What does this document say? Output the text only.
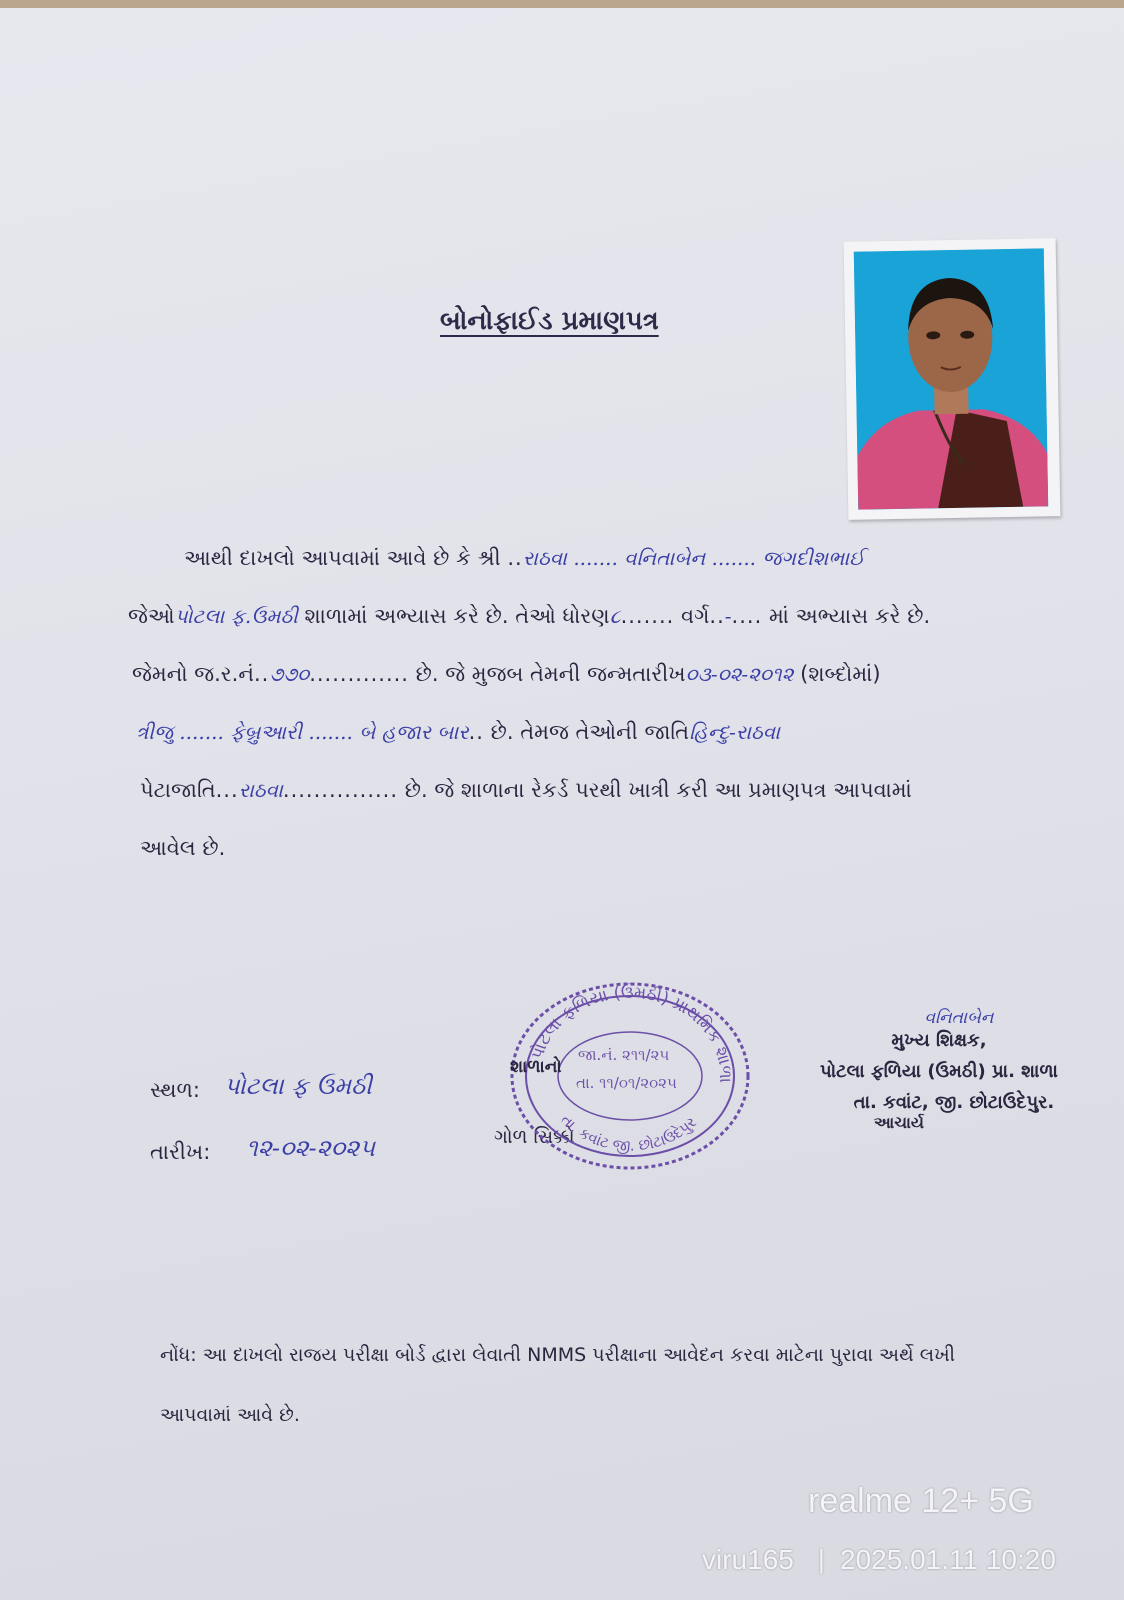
બોનોફાઈડ પ્રમાણપત્ર
આથી દાખલો આપવામાં આવે છે કે શ્રી ..રાઠવા ....... વનિતાબેન ....... જગદીશભાઈ
જેઓપોટલા ફ.ઉમઠી શાળામાં અભ્યાસ કરે છે. તેઓ ધોરણ૮....... વર્ગ..-.... માં અભ્યાસ કરે છે.
જેમનો જ.ર.નં..૭૭૦............. છે. જે મુજબ તેમની જન્મતારીખ૦૩-૦૨-૨૦૧૨ (શબ્દોમાં)
ત્રીજુ ....... ફેબ્રુઆરી ....... બે હજાર બાર.. છે. તેમજ તેઓની જાતિહિન્દુ-રાઠવા
પેટાજાતિ...રાઠવા............... છે. જે શાળાના રેકર્ડ પરથી ખાત્રી કરી આ પ્રમાણપત્ર આપવામાં
આવેલ છે.
સ્થળ: પોટલા ફ ઉમઠી
તારીખ: ૧૨-૦૨-૨૦૨૫	ગોળ સિક્કો
પોટલા ફળિયા (ઉમઠી) પ્રાથમિક શાળા
તા. કવાંટ જી. છોટાઉદેપુર
શાળાનો
જા.નં. ૨૧૧/૨૫
તા. ૧૧/૦૧/૨૦૨૫
વનિતાબેન
મુખ્ય શિક્ષક,
પોટલા ફળિયા (ઉમઠી) પ્રા. શાળા
તા. કવાંટ, જી. છોટાઉદેપુર.
આચાર્ય
નોંધ: આ દાખલો રાજય પરીક્ષા બોર્ડ દ્વારા લેવાતી NMMS પરીક્ષાના આવેદન કરવા માટેના પુરાવા અર્થે લખી
આપવામાં આવે છે.
realme 12+ 5G
viru165 | 2025.01.11 10:20
